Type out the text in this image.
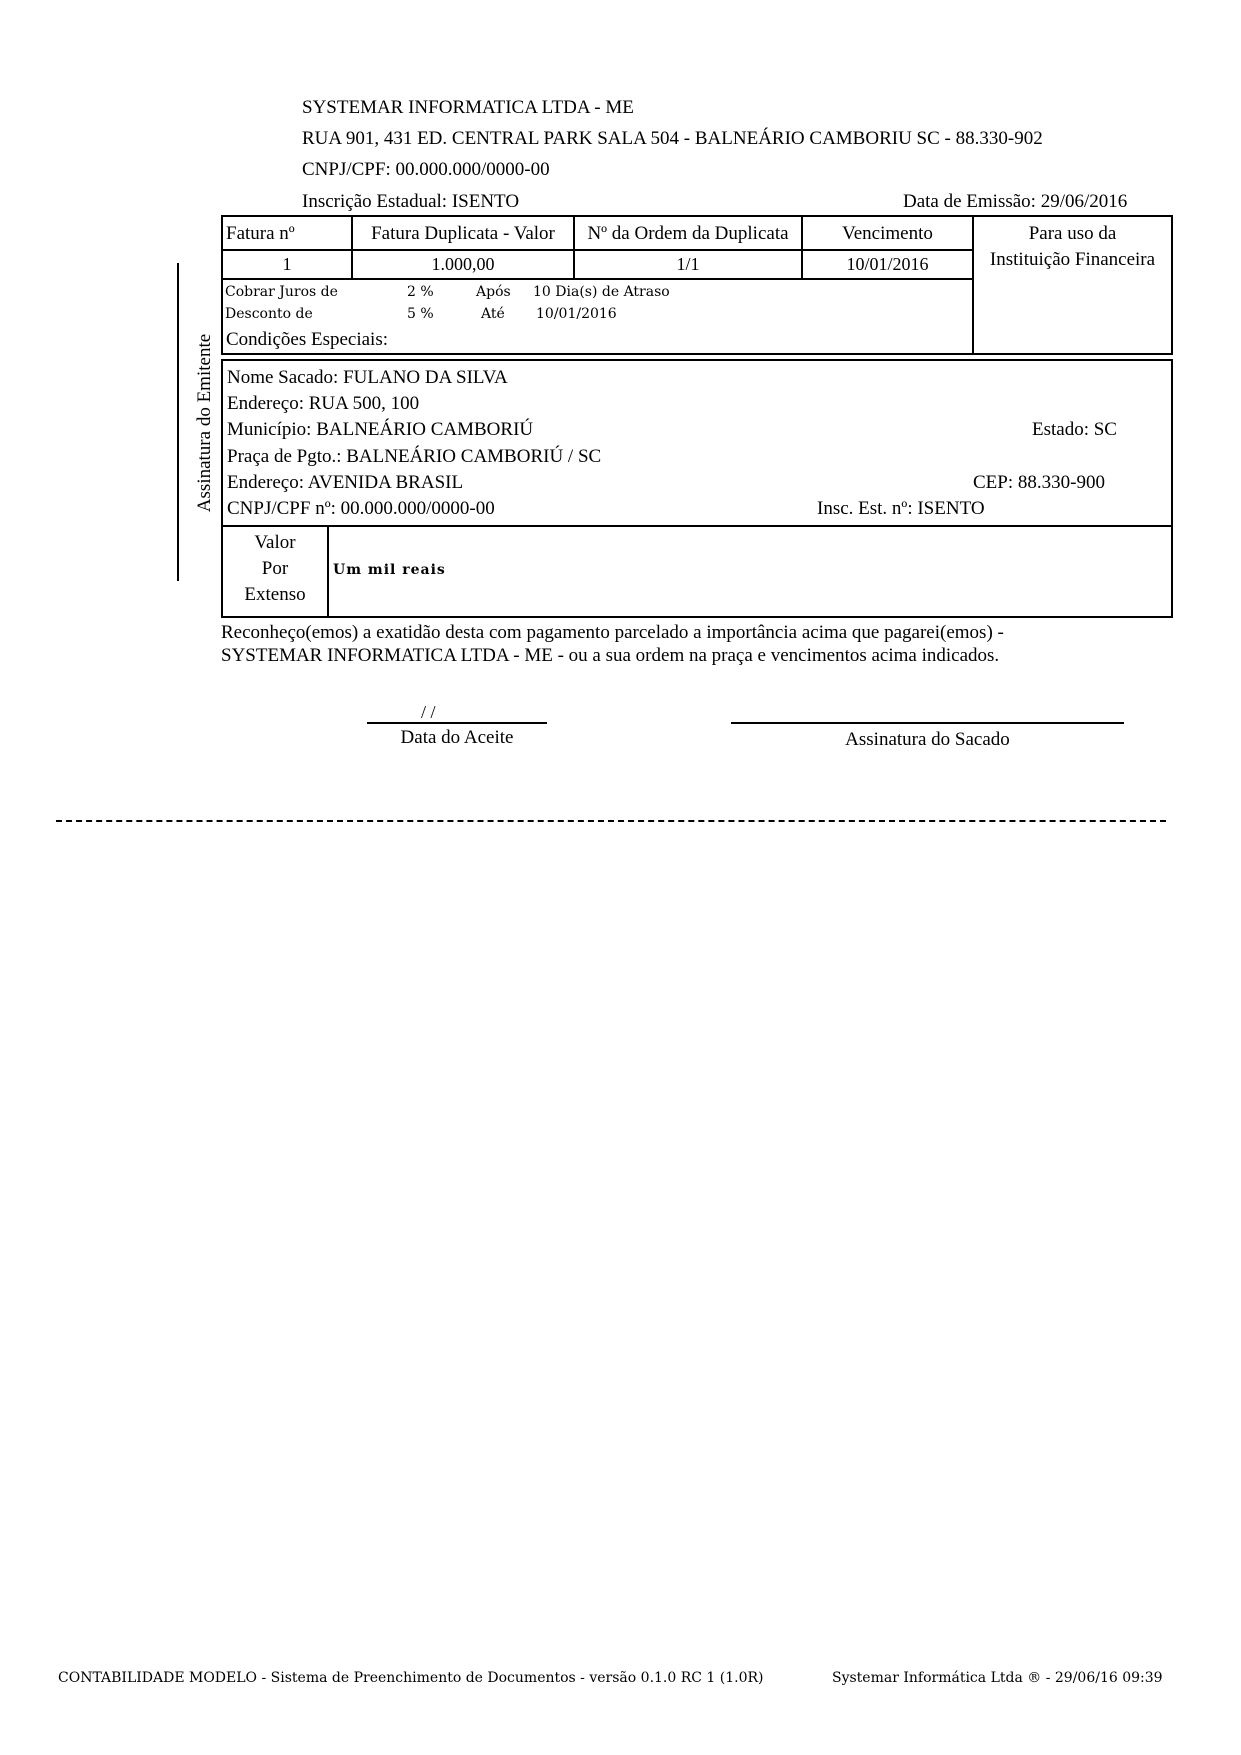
SYSTEMAR INFORMATICA LTDA - ME
RUA 901, 431 ED. CENTRAL PARK SALA 504 - BALNEÁRIO CAMBORIU SC - 88.330-902
CNPJ/CPF: 00.000.000/0000-00
Inscrição Estadual: ISENTO	Data de Emissão: 29/06/2016
Assinatura do Emitente
Fatura nº	Fatura Duplicata - Valor	Nº da Ordem da Duplicata	Vencimento
1	1.000,00	1/1	10/01/2016
Para uso da
Instituição Financeira
Cobrar Juros de	2 %	Após 10 Dia(s) de Atraso
Desconto de	5 %	Até 10/01/2016
Condições Especiais:
Nome Sacado: FULANO DA SILVA
Endereço: RUA 500, 100
Município: BALNEÁRIO CAMBORIÚ	Estado: SC
Praça de Pgto.: BALNEÁRIO CAMBORIÚ / SC
Endereço: AVENIDA BRASIL	CEP: 88.330-900
CNPJ/CPF nº: 00.000.000/0000-00	Insc. Est. nº: ISENTO
Valor
Por
Extenso
Um mil reais
Reconheço(emos) a exatidão desta com pagamento parcelado a importância acima que pagarei(emos) -
SYSTEMAR INFORMATICA LTDA - ME - ou a sua ordem na praça e vencimentos acima indicados.
/ /
Data do Aceite	Assinatura do Sacado
CONTABILIDADE MODELO - Sistema de Preenchimento de Documentos - versão 0.1.0 RC 1 (1.0R)	Systemar Informática Ltda ® - 29/06/16 09:39
